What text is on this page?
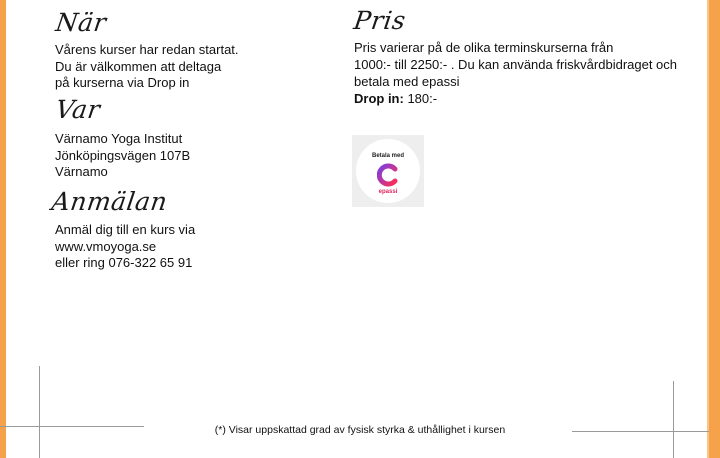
När
Vårens kurser har redan startat.
Du är välkommen att deltaga
på kurserna via Drop in
Var
Värnamo Yoga Institut
Jönköpingsvägen 107B
Värnamo
Anmälan
Anmäl dig till en kurs via
www.vmoyoga.se
eller ring 076-322 65 91
Pris
Pris varierar på de olika terminskurserna från
1000:- till 2250:- . Du kan använda friskvårdbidraget och
betala med epassi
Drop in: 180:-
Betala med
epassi
(*) Visar uppskattad grad av fysisk styrka & uthållighet i kursen
